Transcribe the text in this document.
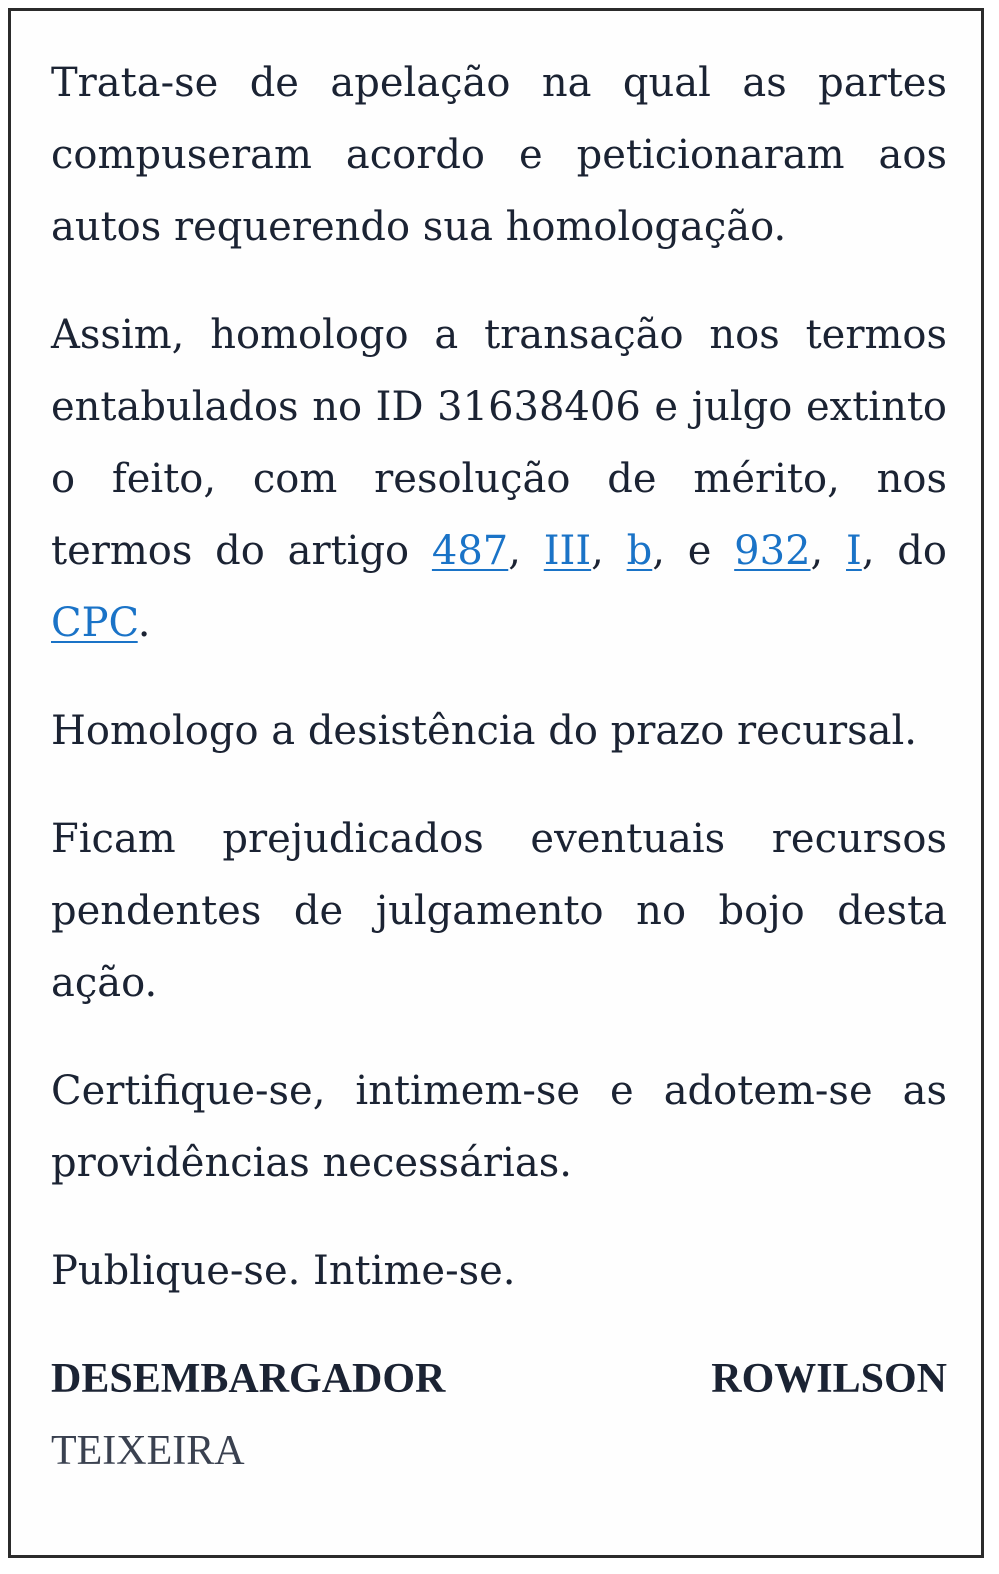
Trata-se de apelação na qual as partes compuseram acordo e peticionaram aos autos requerendo sua homologação.

Assim, homologo a transação nos termos entabulados no ID 31638406 e julgo extinto o feito, com resolução de mérito, nos termos do artigo 487, III, b, e 932, I, do CPC.

Homologo a desistência do prazo recursal.

Ficam prejudicados eventuais recursos pendentes de julgamento no bojo desta ação.

Certifique-se, intimem-se e adotem-se as providências necessárias.

Publique-se. Intime-se.

DESEMBARGADOR	ROWILSON
TEIXEIRA
